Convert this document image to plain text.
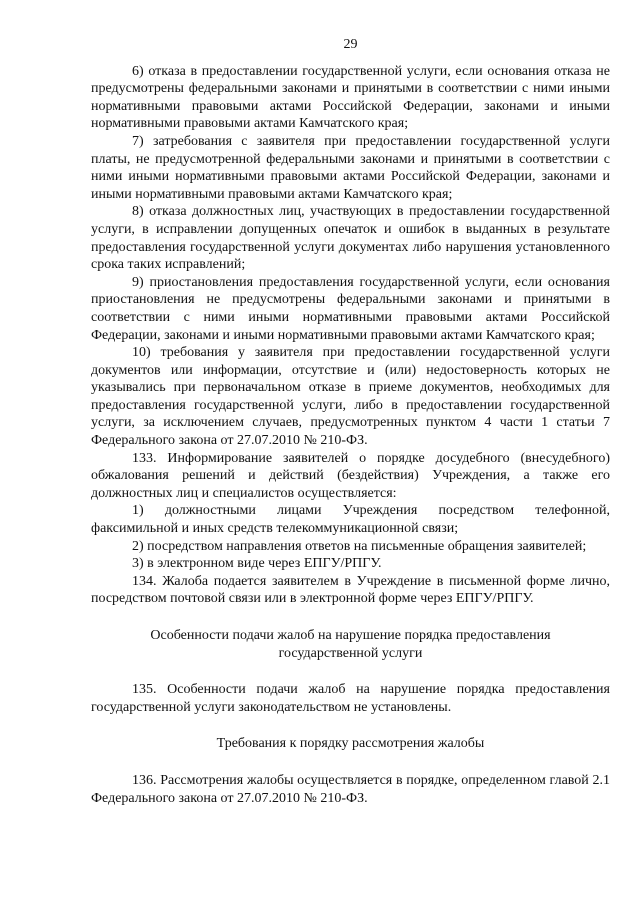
29

6) отказа в предоставлении государственной услуги, если основания отказа не предусмотрены федеральными законами и принятыми в соответствии с ними иными нормативными правовыми актами Российской Федерации, законами и иными нормативными правовыми актами Камчатского края;

7) затребования с заявителя при предоставлении государственной услуги платы, не предусмотренной федеральными законами и принятыми в соответствии с ними иными нормативными правовыми актами Российской Федерации, законами и иными нормативными правовыми актами Камчатского края;

8) отказа должностных лиц, участвующих в предоставлении государственной услуги, в исправлении допущенных опечаток и ошибок в выданных в результате предоставления государственной услуги документах либо нарушения установленного срока таких исправлений;

9) приостановления предоставления государственной услуги, если основания приостановления не предусмотрены федеральными законами и принятыми в соответствии с ними иными нормативными правовыми актами Российской Федерации, законами и иными нормативными правовыми актами Камчатского края;

10) требования у заявителя при предоставлении государственной услуги документов или информации, отсутствие и (или) недостоверность которых не указывались при первоначальном отказе в приеме документов, необходимых для предоставления государственной услуги, либо в предоставлении государственной услуги, за исключением случаев, предусмотренных пунктом 4 части 1 статьи 7 Федерального закона от 27.07.2010 № 210-ФЗ.

133. Информирование заявителей о порядке досудебного (внесудебного) обжалования решений и действий (бездействия) Учреждения, а также его должностных лиц и специалистов осуществляется:

1) должностными лицами Учреждения посредством телефонной, факсимильной и иных средств телекоммуникационной связи;

2) посредством направления ответов на письменные обращения заявителей;

3) в электронном виде через ЕПГУ/РПГУ.

134. Жалоба подается заявителем в Учреждение в письменной форме лично, посредством почтовой связи или в электронной форме через ЕПГУ/РПГУ.

Особенности подачи жалоб на нарушение порядка предоставления

государственной услуги

135. Особенности подачи жалоб на нарушение порядка предоставления государственной услуги законодательством не установлены.

Требования к порядку рассмотрения жалобы

136. Рассмотрения жалобы осуществляется в порядке, определенном главой 2.1 Федерального закона от 27.07.2010 № 210-ФЗ.
